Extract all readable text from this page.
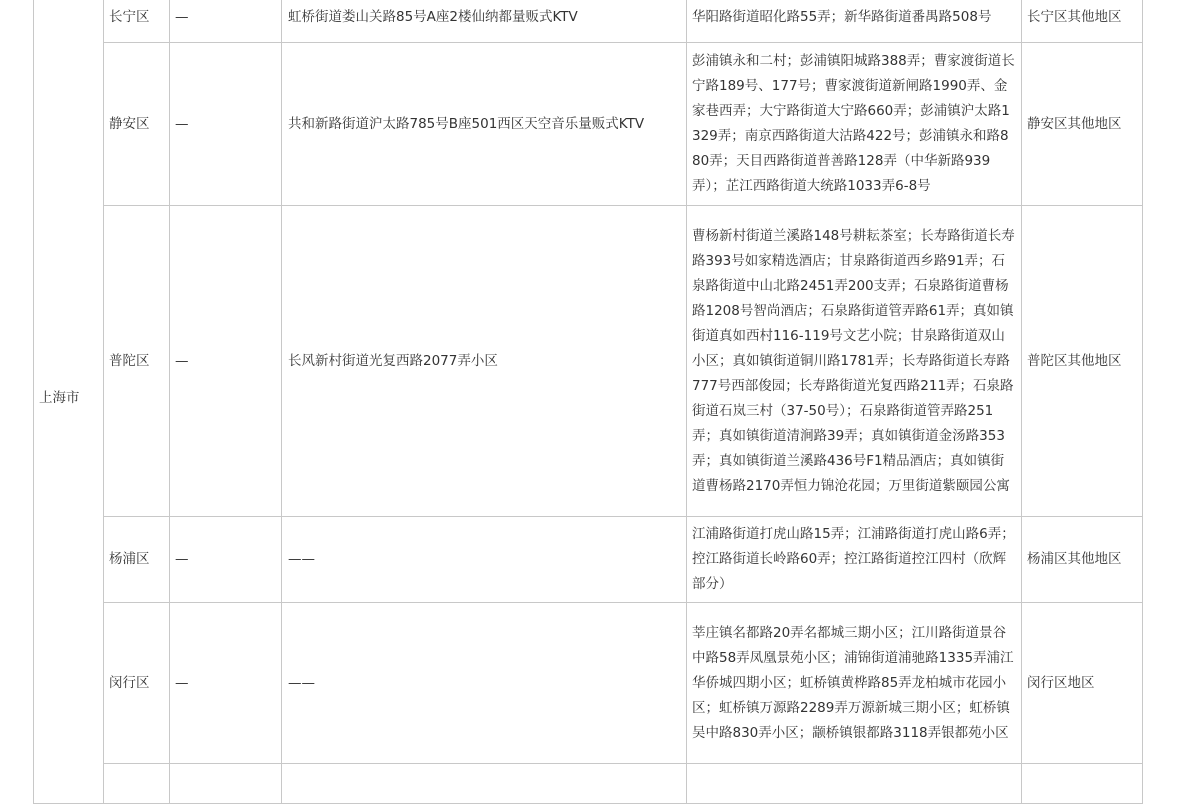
上海市	长宁区	—	虹桥街道娄山关路85号A座2楼仙纳都量贩式KTV	华阳路街道昭化路55弄；新华路街道番禺路508号	长宁区其他地区
	静安区	—	共和新路街道沪太路785号B座501西区天空音乐量贩式KTV	彭浦镇永和二村；彭浦镇阳城路388弄；曹家渡街道长宁路189号、177号；曹家渡街道新闸路1990弄、金家巷西弄；大宁路街道大宁路660弄；彭浦镇沪太路1329弄；南京西路街道大沽路422号；彭浦镇永和路880弄；天目西路街道普善路128弄（中华新路939弄）；芷江西路街道大统路1033弄6-8号	静安区其他地区
	普陀区	—	长风新村街道光复西路2077弄小区	曹杨新村街道兰溪路148号耕耘茶室；长寿路街道长寿路393号如家精选酒店；甘泉路街道西乡路91弄；石泉路街道中山北路2451弄200支弄；石泉路街道曹杨路1208号智尚酒店；石泉路街道管弄路61弄；真如镇街道真如西村116-119号文艺小院；甘泉路街道双山小区；真如镇街道铜川路1781弄；长寿路街道长寿路777号西部俊园；长寿路街道光复西路211弄；石泉路街道石岚三村（37-50号）；石泉路街道管弄路251弄；真如镇街道清涧路39弄；真如镇街道金汤路353弄；真如镇街道兰溪路436号F1精品酒店；真如镇街道曹杨路2170弄恒力锦沧花园；万里街道紫颐园公寓	普陀区其他地区
	杨浦区	—	——	江浦路街道打虎山路15弄；江浦路街道打虎山路6弄；控江路街道长岭路60弄；控江路街道控江四村（欣辉部分）	杨浦区其他地区
	闵行区	—	——	莘庄镇名都路20弄名都城三期小区；江川路街道景谷中路58弄凤凰景苑小区；浦锦街道浦驰路1335弄浦江华侨城四期小区；虹桥镇黄桦路85弄龙柏城市花园小区；虹桥镇万源路2289弄万源新城三期小区；虹桥镇吴中路830弄小区；颛桥镇银都路3118弄银都苑小区	闵行区地区
